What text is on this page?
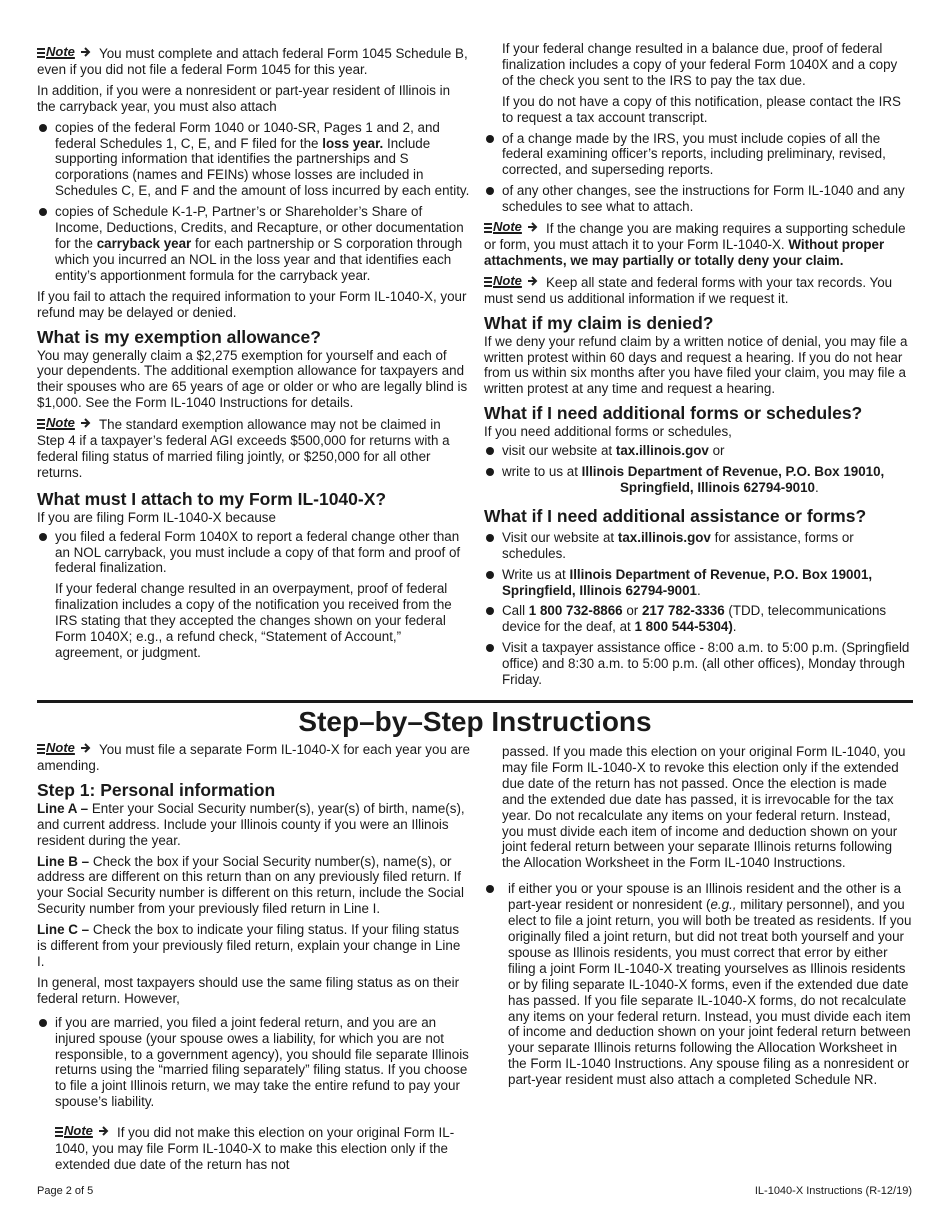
Note You must complete and attach federal Form 1045 Schedule B, even if you did not file a federal Form 1045 for this year.

In addition, if you were a nonresident or part-year resident of Illinois in the carryback year, you must also attach

copies of the federal Form 1040 or 1040-SR, Pages 1 and 2, and federal Schedules 1, C, E, and F filed for the loss year. Include supporting information that identifies the partnerships and S corporations (names and FEINs) whose losses are included in Schedules C, E, and F and the amount of loss incurred by each entity.
copies of Schedule K-1-P, Partner’s or Shareholder’s Share of Income, Deductions, Credits, and Recapture, or other documentation for the carryback year for each partnership or S corporation through which you incurred an NOL in the loss year and that identifies each entity’s apportionment formula for the carryback year.

If you fail to attach the required information to your Form IL-1040-X, your refund may be delayed or denied.

What is my exemption allowance?

You may generally claim a $2,275 exemption for yourself and each of your dependents. The additional exemption allowance for taxpayers and their spouses who are 65 years of age or older or who are legally blind is $1,000. See the Form IL-1040 Instructions for details.

Note The standard exemption allowance may not be claimed in Step 4 if a taxpayer’s federal AGI exceeds $500,000 for returns with a federal filing status of married filing jointly, or $250,000 for all other returns.

What must I attach to my Form IL-1040-X?

If you are filing Form IL-1040-X because

you filed a federal Form 1040X to report a federal change other than an NOL carryback, you must include a copy of that form and proof of federal finalization.

If your federal change resulted in an overpayment, proof of federal finalization includes a copy of the notification you received from the IRS stating that they accepted the changes shown on your federal Form 1040X; e.g., a refund check, “Statement of Account,” agreement, or judgment.

If your federal change resulted in a balance due, proof of federal finalization includes a copy of your federal Form 1040X and a copy of the check you sent to the IRS to pay the tax due.

If you do not have a copy of this notification, please contact the IRS to request a tax account transcript.

of a change made by the IRS, you must include copies of all the federal examining officer’s reports, including preliminary, revised, corrected, and superseding reports.
of any other changes, see the instructions for Form IL-1040 and any schedules to see what to attach.

Note If the change you are making requires a supporting schedule or form, you must attach it to your Form IL-1040-X. Without proper attachments, we may partially or totally deny your claim.

Note Keep all state and federal forms with your tax records. You must send us additional information if we request it.

What if my claim is denied?

If we deny your refund claim by a written notice of denial, you may file a written protest within 60 days and request a hearing. If you do not hear from us within six months after you have filed your claim, you may file a written protest at any time and request a hearing.

What if I need additional forms or schedules?

If you need additional forms or schedules,

visit our website at tax.illinois.gov or
write to us at Illinois Department of Revenue, P.O. Box 19010,
Springfield, Illinois 62794-9010.
What if I need additional assistance or forms?
Visit our website at tax.illinois.gov for assistance, forms or schedules.
Write us at Illinois Department of Revenue, P.O. Box 19001, Springfield, Illinois 62794-9001.
Call 1 800 732-8866 or 217 782-3336 (TDD, telecommunications device for the deaf, at 1 800 544-5304).
Visit a taxpayer assistance office - 8:00 a.m. to 5:00 p.m. (Springfield office) and 8:30 a.m. to 5:00 p.m. (all other offices), Monday through Friday.
Step–by–Step Instructions

Note You must file a separate Form IL-1040-X for each year you are amending.

Step 1: Personal information

Line A – Enter your Social Security number(s), year(s) of birth, name(s), and current address. Include your Illinois county if you were an Illinois resident during the year.

Line B – Check the box if your Social Security number(s), name(s), or address are different on this return than on any previously filed return. If your Social Security number is different on this return, include the Social Security number from your previously filed return in Line I.

Line C – Check the box to indicate your filing status. If your filing status is different from your previously filed return, explain your change in Line I.

In general, most taxpayers should use the same filing status as on their federal return. However,

if you are married, you filed a joint federal return, and you are an injured spouse (your spouse owes a liability, for which you are not responsible, to a government agency), you should file separate Illinois returns using the “married filing separately” filing status. If you choose to file a joint Illinois return, we may take the entire refund to pay your spouse’s liability.

Note If you did not make this election on your original Form IL-1040, you may file Form IL-1040-X to make this election only if the extended due date of the return has not

passed. If you made this election on your original Form IL-1040, you may file Form IL-1040-X to revoke this election only if the extended due date of the return has not passed. Once the election is made and the extended due date has passed, it is irrevocable for the tax year. Do not recalculate any items on your federal return. Instead, you must divide each item of income and deduction shown on your joint federal return between your separate Illinois returns following the Allocation Worksheet in the Form IL-1040 Instructions.

if either you or your spouse is an Illinois resident and the other is a part-year resident or nonresident (e.g., military personnel), and you elect to file a joint return, you will both be treated as residents. If you originally filed a joint return, but did not treat both yourself and your spouse as Illinois residents, you must correct that error by either filing a joint Form IL-1040-X treating yourselves as Illinois residents or by filing separate IL-1040-X forms, even if the extended due date has passed. If you file separate IL-1040-X forms, do not recalculate any items on your federal return. Instead, you must divide each item of income and deduction shown on your joint federal return between your separate Illinois returns following the Allocation Worksheet in the Form IL-1040 Instructions. Any spouse filing as a nonresident or part-year resident must also attach a completed Schedule NR.
Page 2 of 5	IL-1040-X Instructions (R-12/19)
